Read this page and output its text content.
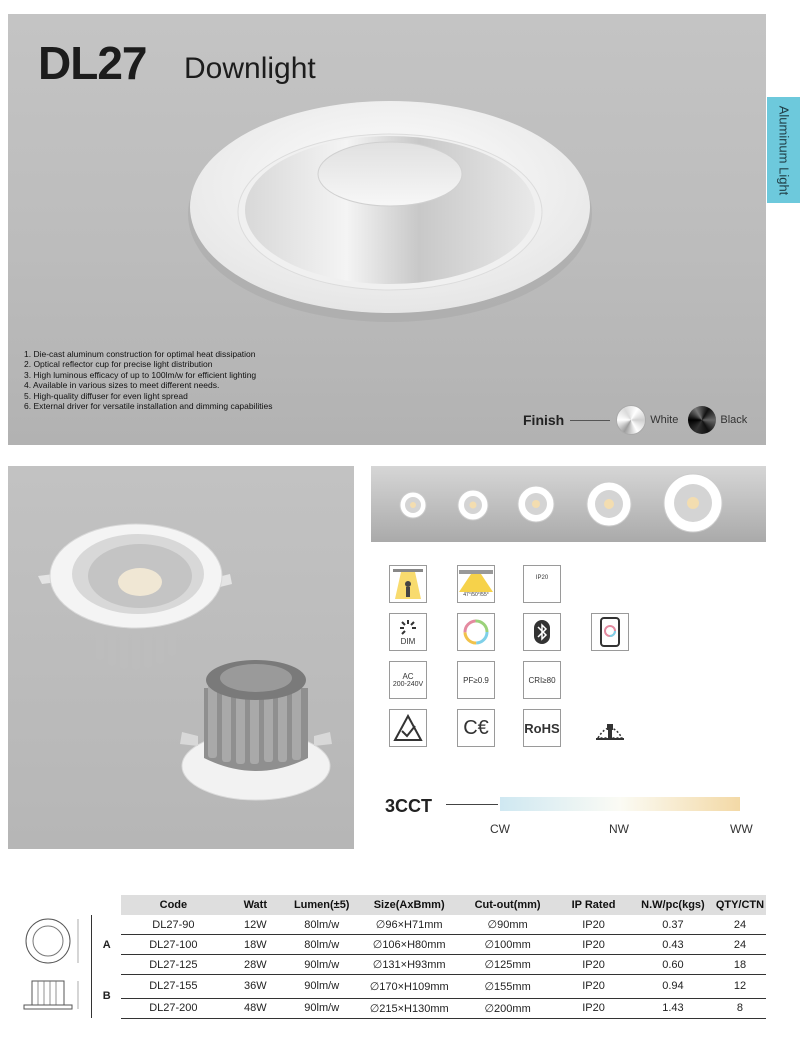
DL27 Downlight
1. Die-cast aluminum construction for optimal heat dissipation
2. Optical reflector cup for precise light distribution
3. High luminous efficacy of up to 100lm/w for efficient lighting
4. Available in various sizes to meet different needs.
5. High-quality diffuser for even light spread
6. External driver for versatile installation and dimming capabilities
Finish	White	Black
Aluminum Light
47°/50°/55°
IP20
DIM
AC
200-240V	PF≥0.9	CRI≥80
C€	RoHS
3CCT
CW	NW	WW
		Code	Watt	Lumen(±5)	Size(AxBmm)	Cut-out(mm)	IP Rated	N.W/pc(kgs)	QTY/CTN
	A	DL27-90	12W	80lm/w	∅96×H71mm	∅90mm	IP20	0.37	24
		DL27-100	18W	80lm/w	∅106×H80mm	∅100mm	IP20	0.43	24
		DL27-125	28W	90lm/w	∅131×H93mm	∅125mm	IP20	0.60	18
	B	DL27-155	36W	90lm/w	∅170×H109mm	∅155mm	IP20	0.94	12
		DL27-200	48W	90lm/w	∅215×H130mm	∅200mm	IP20	1.43	8
